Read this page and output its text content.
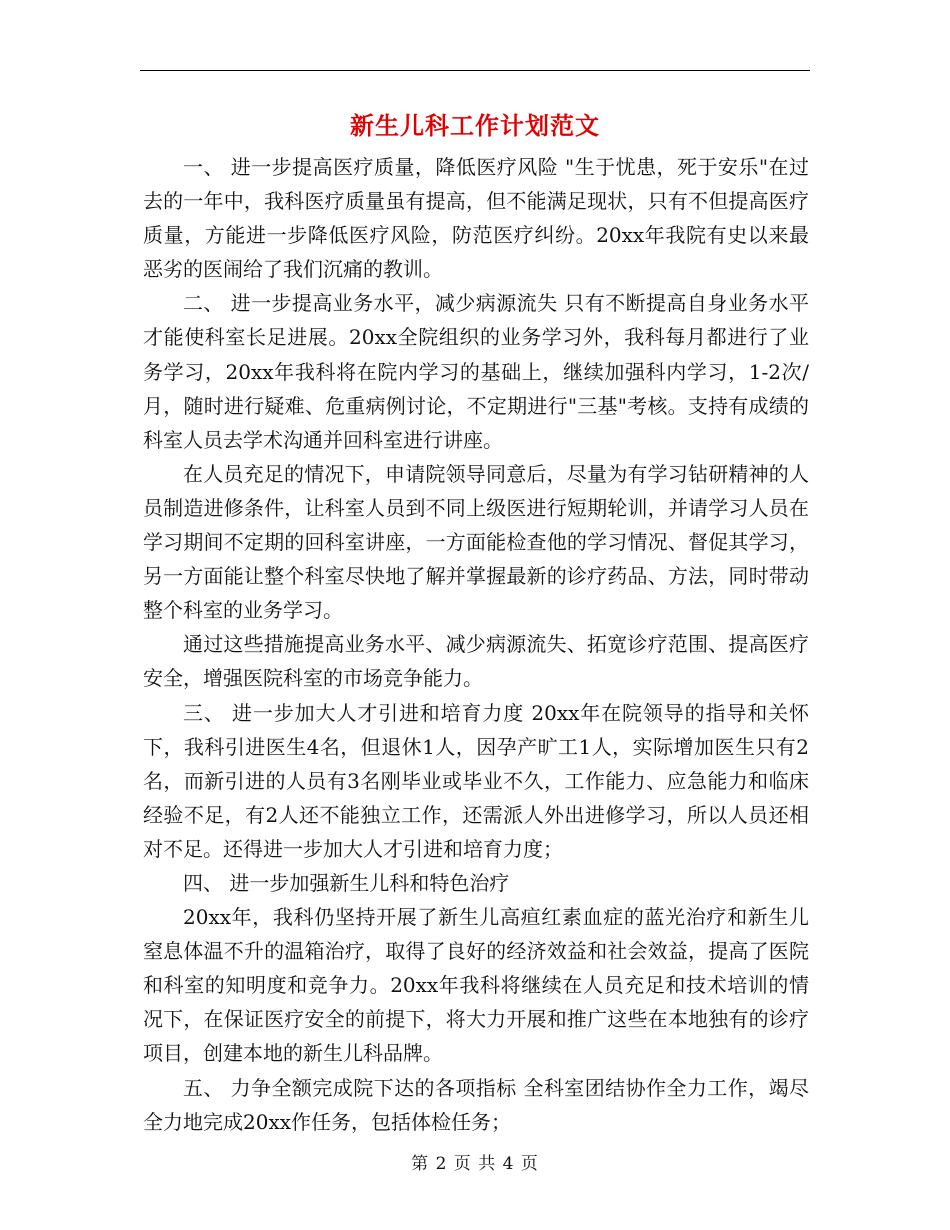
新生儿科工作计划范文

一、 进一步提高医疗质量，降低医疗风险 "生于忧患，死于安乐"在过去的一年中，我科医疗质量虽有提高，但不能满足现状，只有不但提高医疗质量，方能进一步降低医疗风险，防范医疗纠纷。20xx年我院有史以来最恶劣的医闹给了我们沉痛的教训。

二、 进一步提高业务水平，减少病源流失 只有不断提高自身业务水平才能使科室长足进展。20xx全院组织的业务学习外，我科每月都进行了业务学习，20xx年我科将在院内学习的基础上，继续加强科内学习，1-2次/月，随时进行疑难、危重病例讨论，不定期进行"三基"考核。支持有成绩的科室人员去学术沟通并回科室进行讲座。

在人员充足的情况下，申请院领导同意后，尽量为有学习钻研精神的人员制造进修条件，让科室人员到不同上级医进行短期轮训，并请学习人员在学习期间不定期的回科室讲座，一方面能检查他的学习情况、督促其学习，另一方面能让整个科室尽快地了解并掌握最新的诊疗药品、方法，同时带动整个科室的业务学习。

通过这些措施提高业务水平、减少病源流失、拓宽诊疗范围、提高医疗安全，增强医院科室的市场竞争能力。

三、 进一步加大人才引进和培育力度 20xx年在院领导的指导和关怀下，我科引进医生4名，但退休1人，因孕产旷工1人，实际增加医生只有2名，而新引进的人员有3名刚毕业或毕业不久，工作能力、应急能力和临床经验不足，有2人还不能独立工作，还需派人外出进修学习，所以人员还相对不足。还得进一步加大人才引进和培育力度；

四、 进一步加强新生儿科和特色治疗

20xx年，我科仍坚持开展了新生儿高疸红素血症的蓝光治疗和新生儿窒息体温不升的温箱治疗，取得了良好的经济效益和社会效益，提高了医院和科室的知明度和竞争力。20xx年我科将继续在人员充足和技术培训的情况下，在保证医疗安全的前提下，将大力开展和推广这些在本地独有的诊疗项目，创建本地的新生儿科品牌。

五、 力争全额完成院下达的各项指标 全科室团结协作全力工作，竭尽全力地完成20xx作任务，包括体检任务；

第 2 页 共 4 页
